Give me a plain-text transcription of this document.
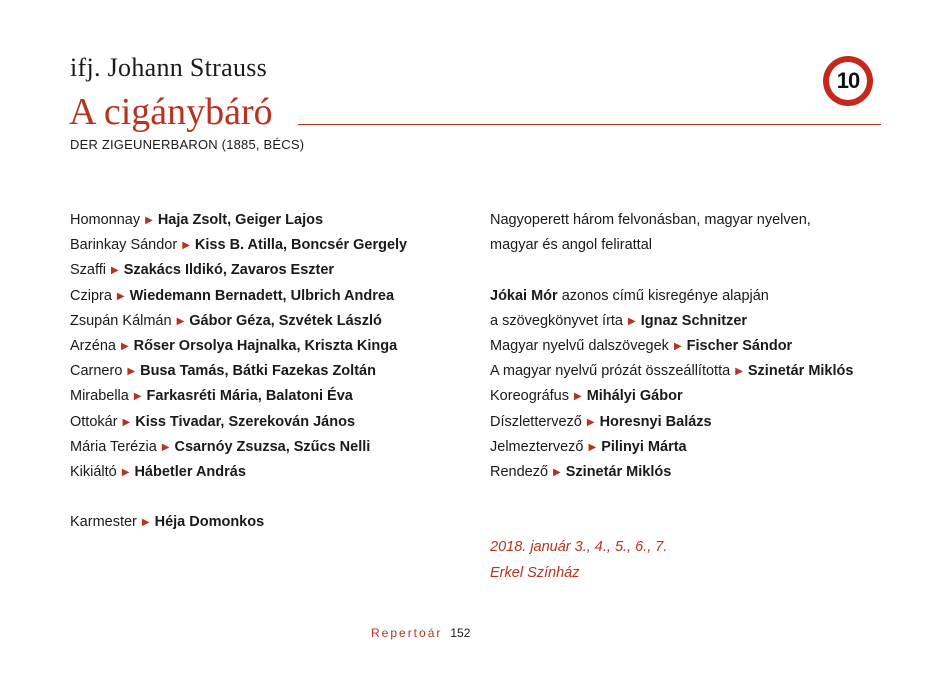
ifj. Johann Strauss
A cigánybáró
DER ZIGEUNERBARON (1885, BÉCS)
10
Homonnay ▶ Haja Zsolt, Geiger Lajos
Barinkay Sándor ▶ Kiss B. Atilla, Boncsér Gergely
Szaffi ▶ Szakács Ildikó, Zavaros Eszter
Czipra ▶ Wiedemann Bernadett, Ulbrich Andrea
Zsupán Kálmán ▶ Gábor Géza, Szvétek László
Arzéna ▶ Rőser Orsolya Hajnalka, Kriszta Kinga
Carnero ▶ Busa Tamás, Bátki Fazekas Zoltán
Mirabella ▶ Farkasréti Mária, Balatoni Éva
Ottokár ▶ Kiss Tivadar, Szerekován János
Mária Terézia ▶ Csarnóy Zsuzsa, Szűcs Nelli
Kikiáltó ▶ Hábetler András
Karmester ▶ Héja Domonkos
Nagyoperett három felvonásban, magyar nyelven,
magyar és angol felirattal
Jókai Mór azonos című kisregénye alapján
a szövegkönyvet írta ▶ Ignaz Schnitzer
Magyar nyelvű dalszövegek ▶ Fischer Sándor
A magyar nyelvű prózát összeállította ▶ Szinetár Miklós
Koreográfus ▶ Mihályi Gábor
Díszlettervező ▶ Horesnyi Balázs
Jelmeztervező ▶ Pilinyi Márta
Rendező ▶ Szinetár Miklós
2018. január 3., 4., 5., 6., 7.
Erkel Színház
Repertoár 152
